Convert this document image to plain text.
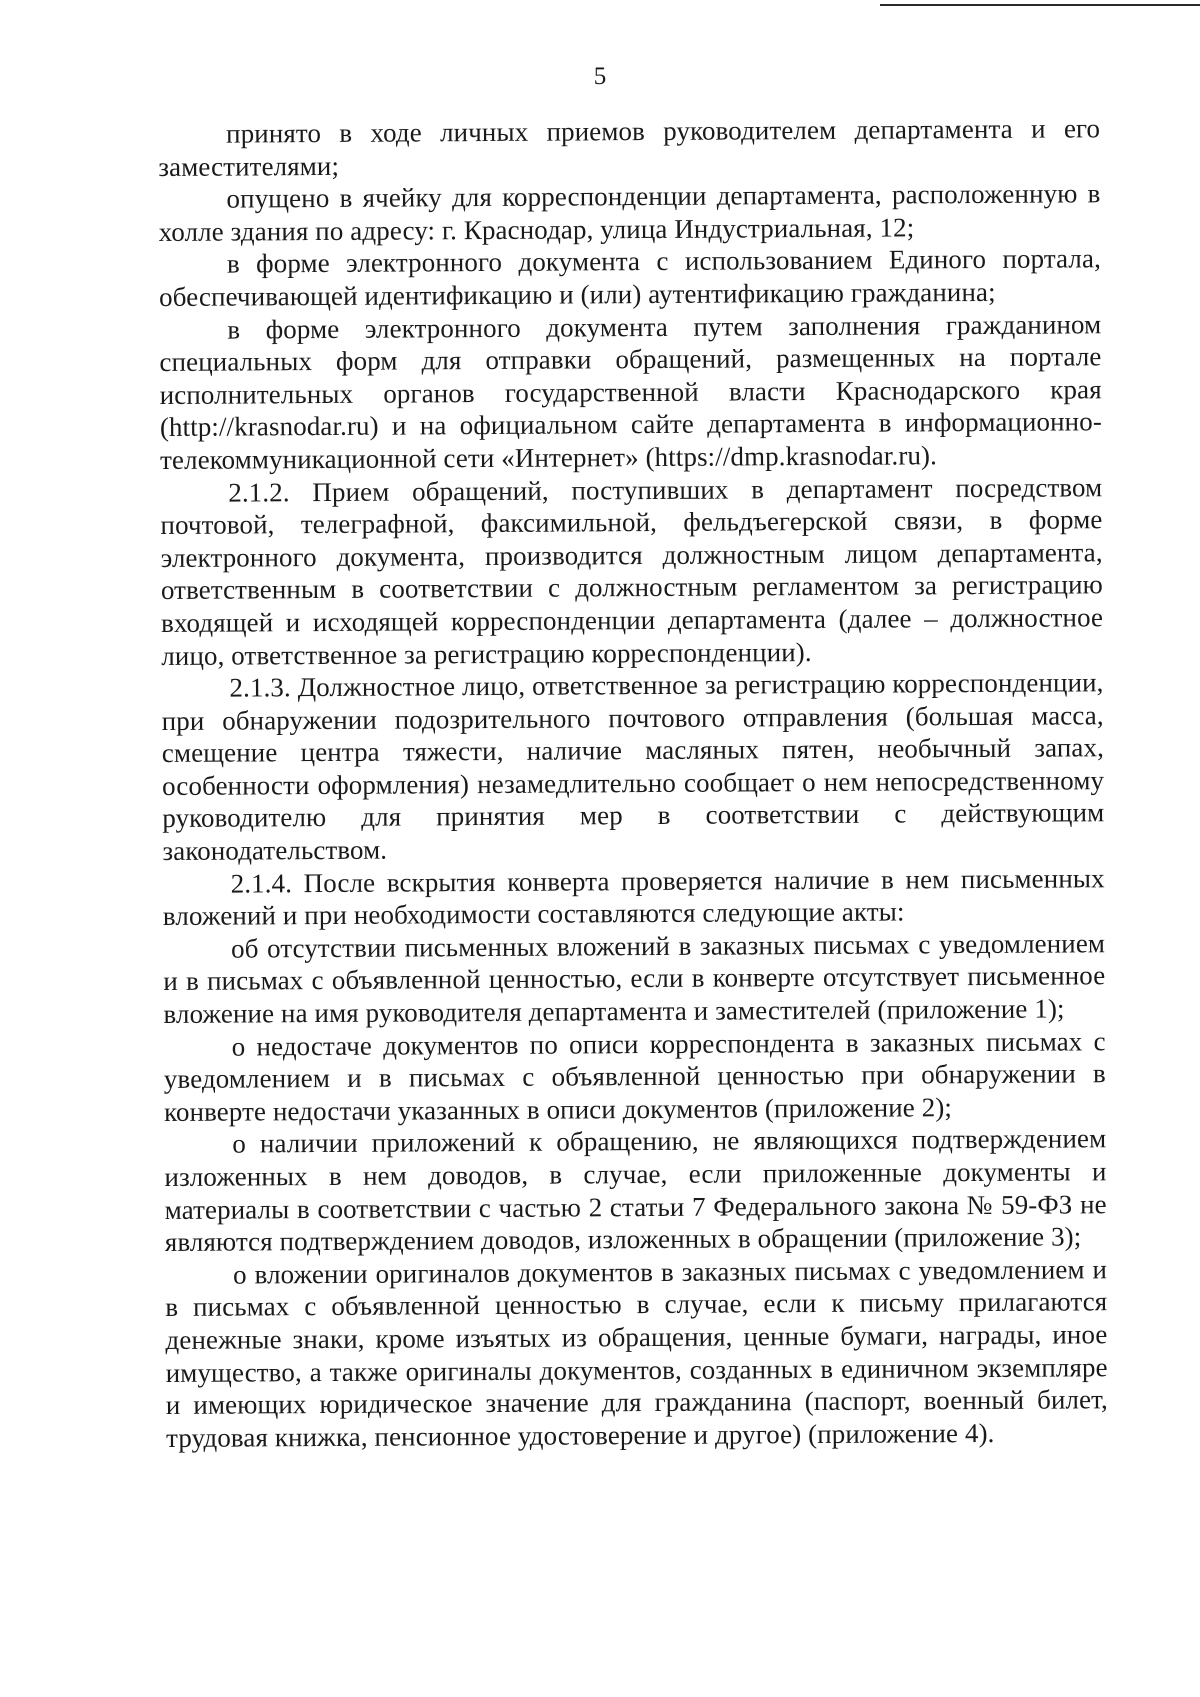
5

принято в ходе личных приемов руководителем департамента и его заместителями;

опущено в ячейку для корреспонденции департамента, расположенную в холле здания по адресу: г. Краснодар, улица Индустриальная, 12;

в форме электронного документа с использованием Единого портала, обеспечивающей идентификацию и (или) аутентификацию гражданина;

в форме электронного документа путем заполнения гражданином специальных форм для отправки обращений, размещенных на портале исполнительных органов государственной власти Краснодарского края (http://krasnodar.ru) и на официальном сайте департамента в информационно-телекоммуникационной сети «Интернет» (https://dmp.krasnodar.ru).

2.1.2. Прием обращений, поступивших в департамент посредством почтовой, телеграфной, факсимильной, фельдъегерской связи, в форме электронного документа, производится должностным лицом департамента, ответственным в соответствии с должностным регламентом за регистрацию входящей и исходящей корреспонденции департамента (далее – должностное лицо, ответственное за регистрацию корреспонденции).

2.1.3. Должностное лицо, ответственное за регистрацию корреспонденции, при обнаружении подозрительного почтового отправления (большая масса, смещение центра тяжести, наличие масляных пятен, необычный запах, особенности оформления) незамедлительно сообщает о нем непосредственному руководителю для принятия мер в соответствии с действующим законодательством.

2.1.4. После вскрытия конверта проверяется наличие в нем письменных вложений и при необходимости составляются следующие акты:

об отсутствии письменных вложений в заказных письмах с уведомлением и в письмах с объявленной ценностью, если в конверте отсутствует письменное вложение на имя руководителя департамента и заместителей (приложение 1);

о недостаче документов по описи корреспондента в заказных письмах с уведомлением и в письмах с объявленной ценностью при обнаружении в конверте недостачи указанных в описи документов (приложение 2);

о наличии приложений к обращению, не являющихся подтверждением изложенных в нем доводов, в случае, если приложенные документы и материалы в соответствии с частью 2 статьи 7 Федерального закона № 59-ФЗ не являются подтверждением доводов, изложенных в обращении (приложение 3);

о вложении оригиналов документов в заказных письмах с уведомлением и в письмах с объявленной ценностью в случае, если к письму прилагаются денежные знаки, кроме изъятых из обращения, ценные бумаги, награды, иное имущество, а также оригиналы документов, созданных в единичном экземпляре и имеющих юридическое значение для гражданина (паспорт, военный билет, трудовая книжка, пенсионное удостоверение и другое) (приложение 4).
